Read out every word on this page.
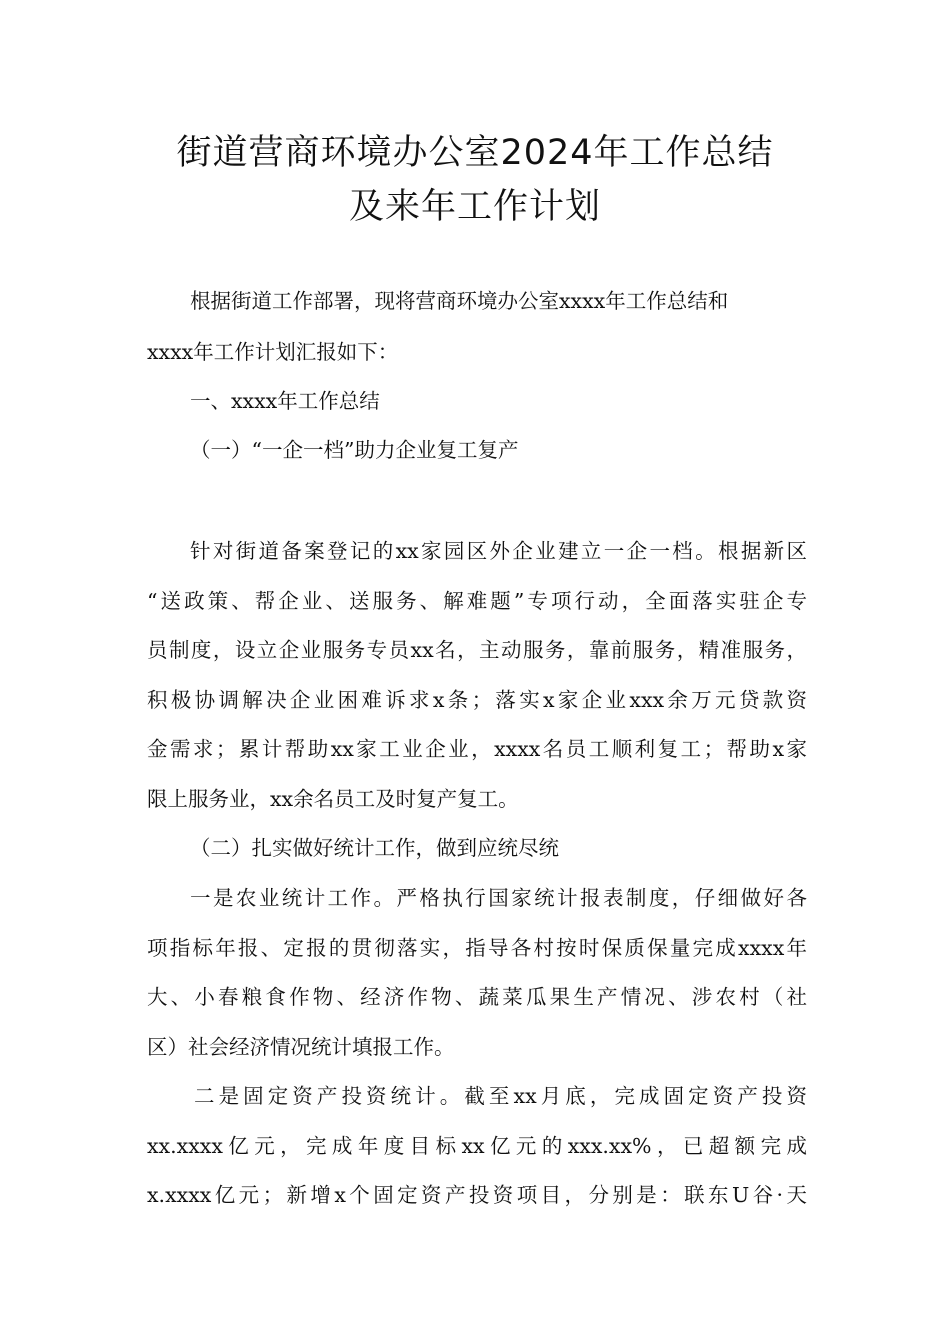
街道营商环境办公室2024年工作总结
及来年工作计划
根据街道工作部署，现将营商环境办公室xxxx年工作总结和
xxxx年工作计划汇报如下：
一、xxxx年工作总结
（一）“一企一档”助力企业复工复产
针对街道备案登记的xx家园区外企业建立一企一档。根据新区
“送政策、帮企业、送服务、解难题”专项行动，全面落实驻企专
员制度，设立企业服务专员xx名，主动服务，靠前服务，精准服务，
积极协调解决企业困难诉求x条；落实x家企业xxx余万元贷款资
金需求；累计帮助xx家工业企业，xxxx名员工顺利复工；帮助x家
限上服务业，xx余名员工及时复产复工。
（二）扎实做好统计工作，做到应统尽统
一是农业统计工作。严格执行国家统计报表制度，仔细做好各
项指标年报、定报的贯彻落实，指导各村按时保质保量完成xxxx年
大、小春粮食作物、经济作物、蔬菜瓜果生产情况、涉农村（社
区）社会经济情况统计填报工作。
二是固定资产投资统计。截至xx月底，完成固定资产投资
xx.xxxx亿元，完成年度目标xx亿元的xxx.xx%，已超额完成
x.xxxx亿元；新增x个固定资产投资项目，分别是：联东U谷·天
